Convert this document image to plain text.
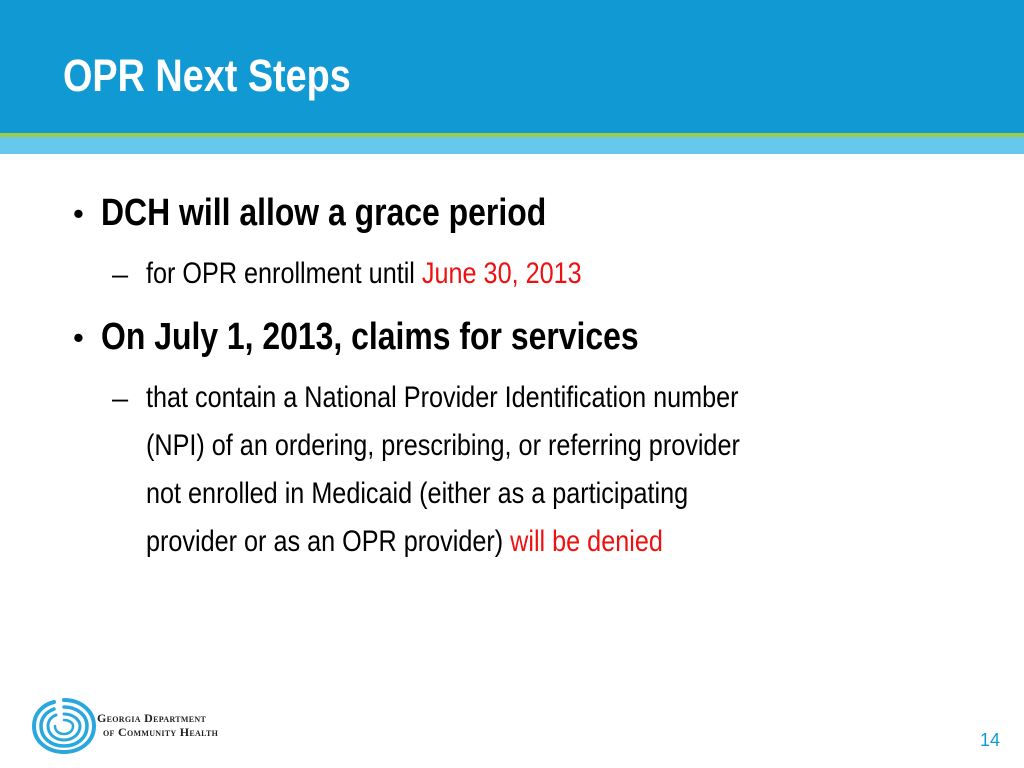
OPR Next Steps
• DCH will allow a grace period
– for OPR enrollment until June 30, 2013
• On July 1, 2013, claims for services
– that contain a National Provider Identification number
(NPI) of an ordering, prescribing, or referring provider
not enrolled in Medicaid (either as a participating
provider or as an OPR provider) will be denied
Georgia Department
of Community Health	14
